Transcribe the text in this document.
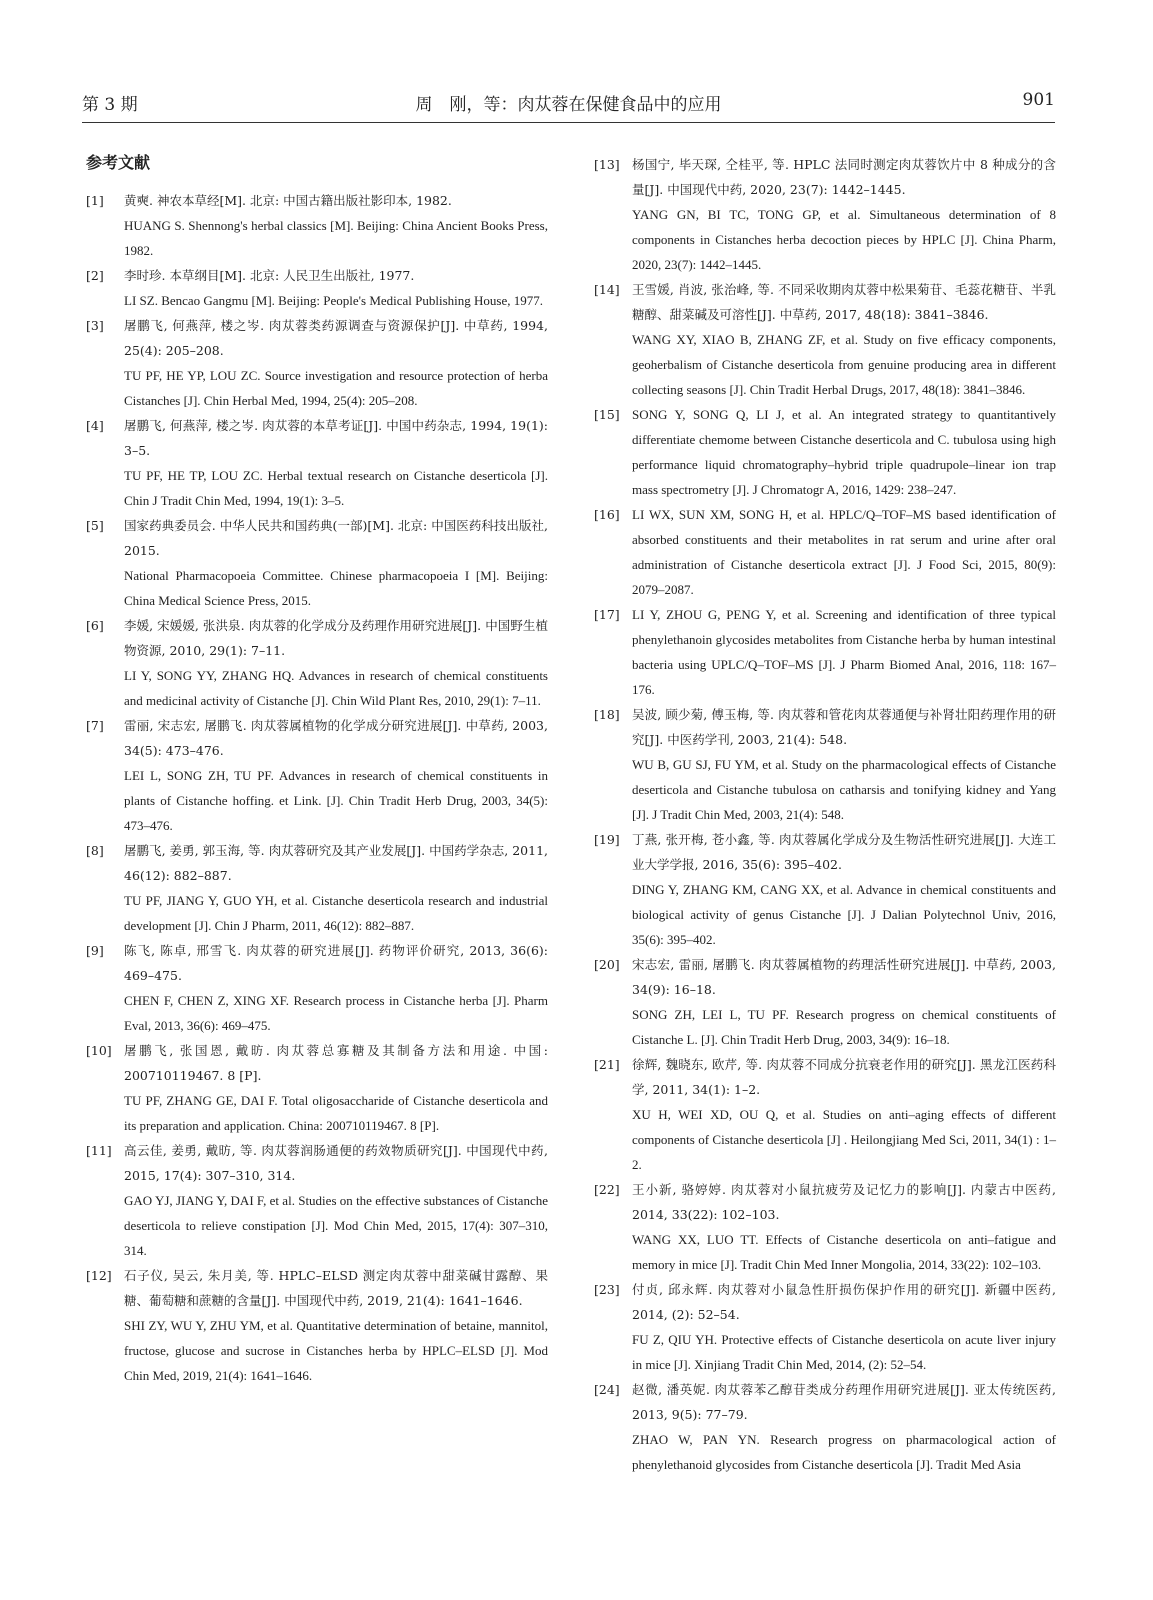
第 3 期	周　刚，等：肉苁蓉在保健食品中的应用	901
参考文献
[1] 黄奭. 神农本草经[M]. 北京: 中国古籍出版社影印本, 1982.
HUANG S. Shennong's herbal classics [M]. Beijing: China Ancient Books Press, 1982.
[2] 李时珍. 本草纲目[M]. 北京: 人民卫生出版社, 1977.
LI SZ. Bencao Gangmu [M]. Beijing: People's Medical Publishing House, 1977.
[3] 屠鹏飞, 何燕萍, 楼之岑. 肉苁蓉类药源调查与资源保护[J]. 中草药, 1994, 25(4): 205–208.
TU PF, HE YP, LOU ZC. Source investigation and resource protection of herba Cistanches [J]. Chin Herbal Med, 1994, 25(4): 205–208.
[4] 屠鹏飞, 何燕萍, 楼之岑. 肉苁蓉的本草考证[J]. 中国中药杂志, 1994, 19(1): 3–5.
TU PF, HE TP, LOU ZC. Herbal textual research on Cistanche deserticola [J]. Chin J Tradit Chin Med, 1994, 19(1): 3–5.
[5] 国家药典委员会. 中华人民共和国药典(一部)[M]. 北京: 中国医药科技出版社, 2015.
National Pharmacopoeia Committee. Chinese pharmacopoeia I [M]. Beijing: China Medical Science Press, 2015.
[6] 李媛, 宋媛媛, 张洪泉. 肉苁蓉的化学成分及药理作用研究进展[J]. 中国野生植物资源, 2010, 29(1): 7–11.
LI Y, SONG YY, ZHANG HQ. Advances in research of chemical constituents and medicinal activity of Cistanche [J]. Chin Wild Plant Res, 2010, 29(1): 7–11.
[7] 雷丽, 宋志宏, 屠鹏飞. 肉苁蓉属植物的化学成分研究进展[J]. 中草药, 2003, 34(5): 473–476.
LEI L, SONG ZH, TU PF. Advances in research of chemical constituents in plants of Cistanche hoffing. et Link. [J]. Chin Tradit Herb Drug, 2003, 34(5): 473–476.
[8] 屠鹏飞, 姜勇, 郭玉海, 等. 肉苁蓉研究及其产业发展[J]. 中国药学杂志, 2011, 46(12): 882–887.
TU PF, JIANG Y, GUO YH, et al. Cistanche deserticola research and industrial development [J]. Chin J Pharm, 2011, 46(12): 882–887.
[9] 陈飞, 陈卓, 邢雪飞. 肉苁蓉的研究进展[J]. 药物评价研究, 2013, 36(6): 469–475.
CHEN F, CHEN Z, XING XF. Research process in Cistanche herba [J]. Pharm Eval, 2013, 36(6): 469–475.
[10] 屠鹏飞, 张国恩, 戴昉. 肉苁蓉总寡糖及其制备方法和用途. 中国: 200710119467. 8 [P].
TU PF, ZHANG GE, DAI F. Total oligosaccharide of Cistanche deserticola and its preparation and application. China: 200710119467. 8 [P].
[11] 高云佳, 姜勇, 戴昉, 等. 肉苁蓉润肠通便的药效物质研究[J]. 中国现代中药, 2015, 17(4): 307–310, 314.
GAO YJ, JIANG Y, DAI F, et al. Studies on the effective substances of Cistanche deserticola to relieve constipation [J]. Mod Chin Med, 2015, 17(4): 307–310, 314.
[12] 石子仪, 吴云, 朱月美, 等. HPLC–ELSD 测定肉苁蓉中甜菜碱甘露醇、果糖、葡萄糖和蔗糖的含量[J]. 中国现代中药, 2019, 21(4): 1641–1646.
SHI ZY, WU Y, ZHU YM, et al. Quantitative determination of betaine, mannitol, fructose, glucose and sucrose in Cistanches herba by HPLC–ELSD [J]. Mod Chin Med, 2019, 21(4): 1641–1646.
[13] 杨国宁, 毕天琛, 仝桂平, 等. HPLC 法同时测定肉苁蓉饮片中 8 种成分的含量[J]. 中国现代中药, 2020, 23(7): 1442–1445.
YANG GN, BI TC, TONG GP, et al. Simultaneous determination of 8 components in Cistanches herba decoction pieces by HPLC [J]. China Pharm, 2020, 23(7): 1442–1445.
[14] 王雪媛, 肖波, 张治峰, 等. 不同采收期肉苁蓉中松果菊苷、毛蕊花糖苷、半乳糖醇、甜菜碱及可溶性[J]. 中草药, 2017, 48(18): 3841–3846.
WANG XY, XIAO B, ZHANG ZF, et al. Study on five efficacy components, geoherbalism of Cistanche deserticola from genuine producing area in different collecting seasons [J]. Chin Tradit Herbal Drugs, 2017, 48(18): 3841–3846.
[15] SONG Y, SONG Q, LI J, et al. An integrated strategy to quantitantively differentiate chemome between Cistanche deserticola and C. tubulosa using high performance liquid chromatography–hybrid triple quadrupole–linear ion trap mass spectrometry [J]. J Chromatogr A, 2016, 1429: 238–247.
[16] LI WX, SUN XM, SONG H, et al. HPLC/Q–TOF–MS based identification of absorbed constituents and their metabolites in rat serum and urine after oral administration of Cistanche deserticola extract [J]. J Food Sci, 2015, 80(9): 2079–2087.
[17] LI Y, ZHOU G, PENG Y, et al. Screening and identification of three typical phenylethanoin glycosides metabolites from Cistanche herba by human intestinal bacteria using UPLC/Q–TOF–MS [J]. J Pharm Biomed Anal, 2016, 118: 167–176.
[18] 吴波, 顾少菊, 傅玉梅, 等. 肉苁蓉和管花肉苁蓉通便与补肾壮阳药理作用的研究[J]. 中医药学刊, 2003, 21(4): 548.
WU B, GU SJ, FU YM, et al. Study on the pharmacological effects of Cistanche deserticola and Cistanche tubulosa on catharsis and tonifying kidney and Yang [J]. J Tradit Chin Med, 2003, 21(4): 548.
[19] 丁燕, 张开梅, 苍小鑫, 等. 肉苁蓉属化学成分及生物活性研究进展[J]. 大连工业大学学报, 2016, 35(6): 395–402.
DING Y, ZHANG KM, CANG XX, et al. Advance in chemical constituents and biological activity of genus Cistanche [J]. J Dalian Polytechnol Univ, 2016, 35(6): 395–402.
[20] 宋志宏, 雷丽, 屠鹏飞. 肉苁蓉属植物的药理活性研究进展[J]. 中草药, 2003, 34(9): 16–18.
SONG ZH, LEI L, TU PF. Research progress on chemical constituents of Cistanche L. [J]. Chin Tradit Herb Drug, 2003, 34(9): 16–18.
[21] 徐辉, 魏晓东, 欧芹, 等. 肉苁蓉不同成分抗衰老作用的研究[J]. 黑龙江医药科学, 2011, 34(1): 1–2.
XU H, WEI XD, OU Q, et al. Studies on anti–aging effects of different components of Cistanche deserticola [J] . Heilongjiang Med Sci, 2011, 34(1) : 1–2.
[22] 王小新, 骆婷婷. 肉苁蓉对小鼠抗疲劳及记忆力的影响[J]. 内蒙古中医药, 2014, 33(22): 102–103.
WANG XX, LUO TT. Effects of Cistanche deserticola on anti–fatigue and memory in mice [J]. Tradit Chin Med Inner Mongolia, 2014, 33(22): 102–103.
[23] 付贞, 邱永辉. 肉苁蓉对小鼠急性肝损伤保护作用的研究[J]. 新疆中医药, 2014, (2): 52–54.
FU Z, QIU YH. Protective effects of Cistanche deserticola on acute liver injury in mice [J]. Xinjiang Tradit Chin Med, 2014, (2): 52–54.
[24] 赵微, 潘英妮. 肉苁蓉苯乙醇苷类成分药理作用研究进展[J]. 亚太传统医药, 2013, 9(5): 77–79.
ZHAO W, PAN YN. Research progress on pharmacological action of phenylethanoid glycosides from Cistanche deserticola [J]. Tradit Med Asia
